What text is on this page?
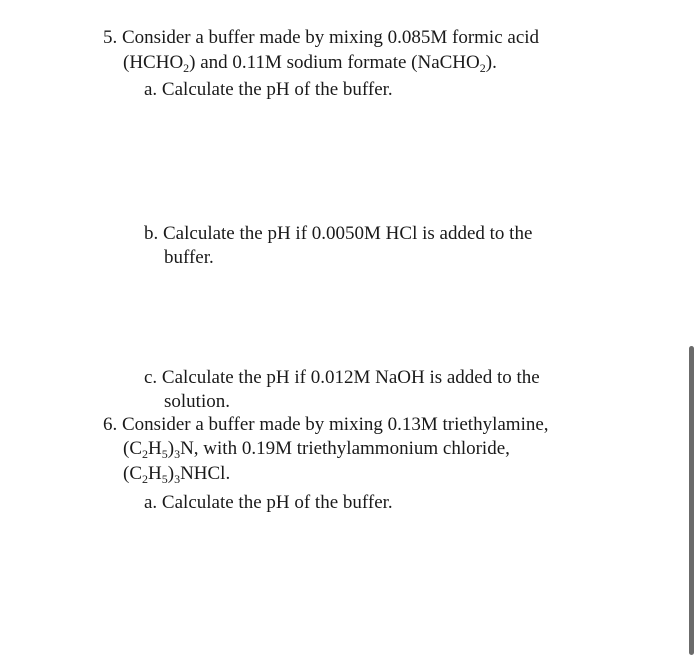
5. Consider a buffer made by mixing 0.085M formic acid
$(HCHO_2)$ and 0.11M sodium formate (NaCHO$_2$).
a. Calculate the pH of the buffer.
b. Calculate the pH if 0.0050M HCl is added to the
buffer.
c. Calculate the pH if 0.012M NaOH is added to the
solution.
6. Consider a buffer made by mixing 0.13M triethylamine,
$(C_2H_5)_3N$, with 0.19M triethylammonium chloride,
$(C_2H_5)_3NHCl$.
a. Calculate the pH of the buffer.
